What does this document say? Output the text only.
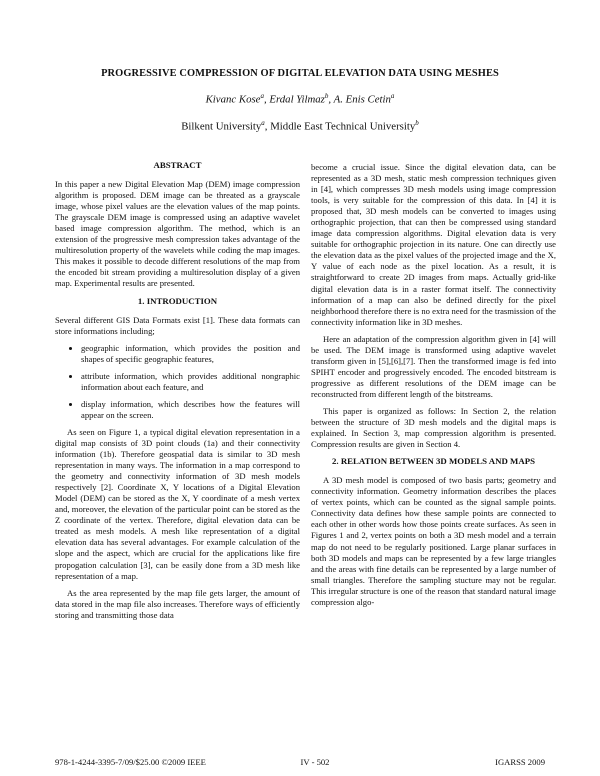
PROGRESSIVE COMPRESSION OF DIGITAL ELEVATION DATA USING MESHES
Kivanc Kose$^a$, Erdal Yilmaz$^b$, A. Enis Cetin$^a$
Bilkent University$^a$, Middle East Technical University$^b$
ABSTRACT

In this paper a new Digital Elevation Map (DEM) image compression algorithm is proposed. DEM image can be threated as a grayscale image, whose pixel values are the elevation values of the map points. The grayscale DEM image is compressed using an adaptive wavelet based image compression algorithm. The method, which is an extension of the progressive mesh compression takes advantage of the multiresolution property of the wavelets while coding the map images. This makes it possible to decode different resolutions of the map from the encoded bit stream providing a multiresolution display of a given map. Experimental results are presented.

1. INTRODUCTION

Several different GIS Data Formats exist [1]. These data formats can store informations including;

• geographic information, which provides the position and shapes of specific geographic features,
• attribute information, which provides additional nongraphic information about each feature, and
• display information, which describes how the features will appear on the screen.

As seen on Figure 1, a typical digital elevation representation in a digital map consists of 3D point clouds (1a) and their connectivity information (1b). Therefore geospatial data is similar to 3D mesh representation in many ways. The information in a map correspond to the geometry and connectivity information of 3D mesh models respectively [2]. Coordinate X, Y locations of a Digital Elevation Model (DEM) can be stored as the X, Y coordinate of a mesh vertex and, moreover, the elevation of the particular point can be stored as the Z coordinate of the vertex. Therefore, digital elevation data can be treated as mesh models. A mesh like representation of a digital elevation data has several advantages. For example calculation of the slope and the aspect, which are crucial for the applications like fire propogation calculation [3], can be easily done from a 3D mesh like representation of a map.

As the area represented by the map file gets larger, the amount of data stored in the map file also increases. Therefore ways of efficiently storing and transmitting those data

become a crucial issue. Since the digital elevation data, can be represented as a 3D mesh, static mesh compression techniques given in [4], which compresses 3D mesh models using image compression tools, is very suitable for the compression of this data. In [4] it is proposed that, 3D mesh models can be converted to images using orthographic projection, that can then be compressed using standard image data compression algorithms. Digital elevation data is very suitable for orthographic projection in its nature. One can directly use the elevation data as the pixel values of the projected image and the X, Y value of each node as the pixel location. As a result, it is straightforward to create 2D images from maps. Actually grid-like digital elevation data is in a raster format itself. The connectivity information of a map can also be defined directly for the pixel neighborhood therefore there is no extra need for the trasmission of the connectivity information like in 3D meshes.

Here an adaptation of the compression algorithm given in [4] will be used. The DEM image is transformed using adaptive wavelet transform given in [5],[6],[7]. Then the transformed image is fed into SPIHT encoder and progressively encoded. The encoded bitstream is progressive as different resolutions of the DEM image can be reconstructed from different length of the bitstreams.

This paper is organized as follows: In Section 2, the relation between the structure of 3D mesh models and the digital maps is explained. In Section 3, map compression algorithm is presented. Compression results are given in Section 4.

2. RELATION BETWEEN 3D MODELS AND MAPS

A 3D mesh model is composed of two basis parts; geometry and connectivity information. Geometry information describes the places of vertex points, which can be counted as the signal sample points. Connectivity data defines how these sample points are connected to each other in other words how those points create surfaces. As seen in Figures 1 and 2, vertex points on both a 3D mesh model and a terrain map do not need to be regularly positioned. Large planar surfaces in both 3D models and maps can be represented by a few large triangles and the areas with fine details can be represented by a large number of small triangles. Therefore the sampling stucture may not be regular. This irregular structure is one of the reason that standard natural image compression algo-

978-1-4244-3395-7/09/$25.00 ©2009 IEEE	IV - 502	IGARSS 2009
